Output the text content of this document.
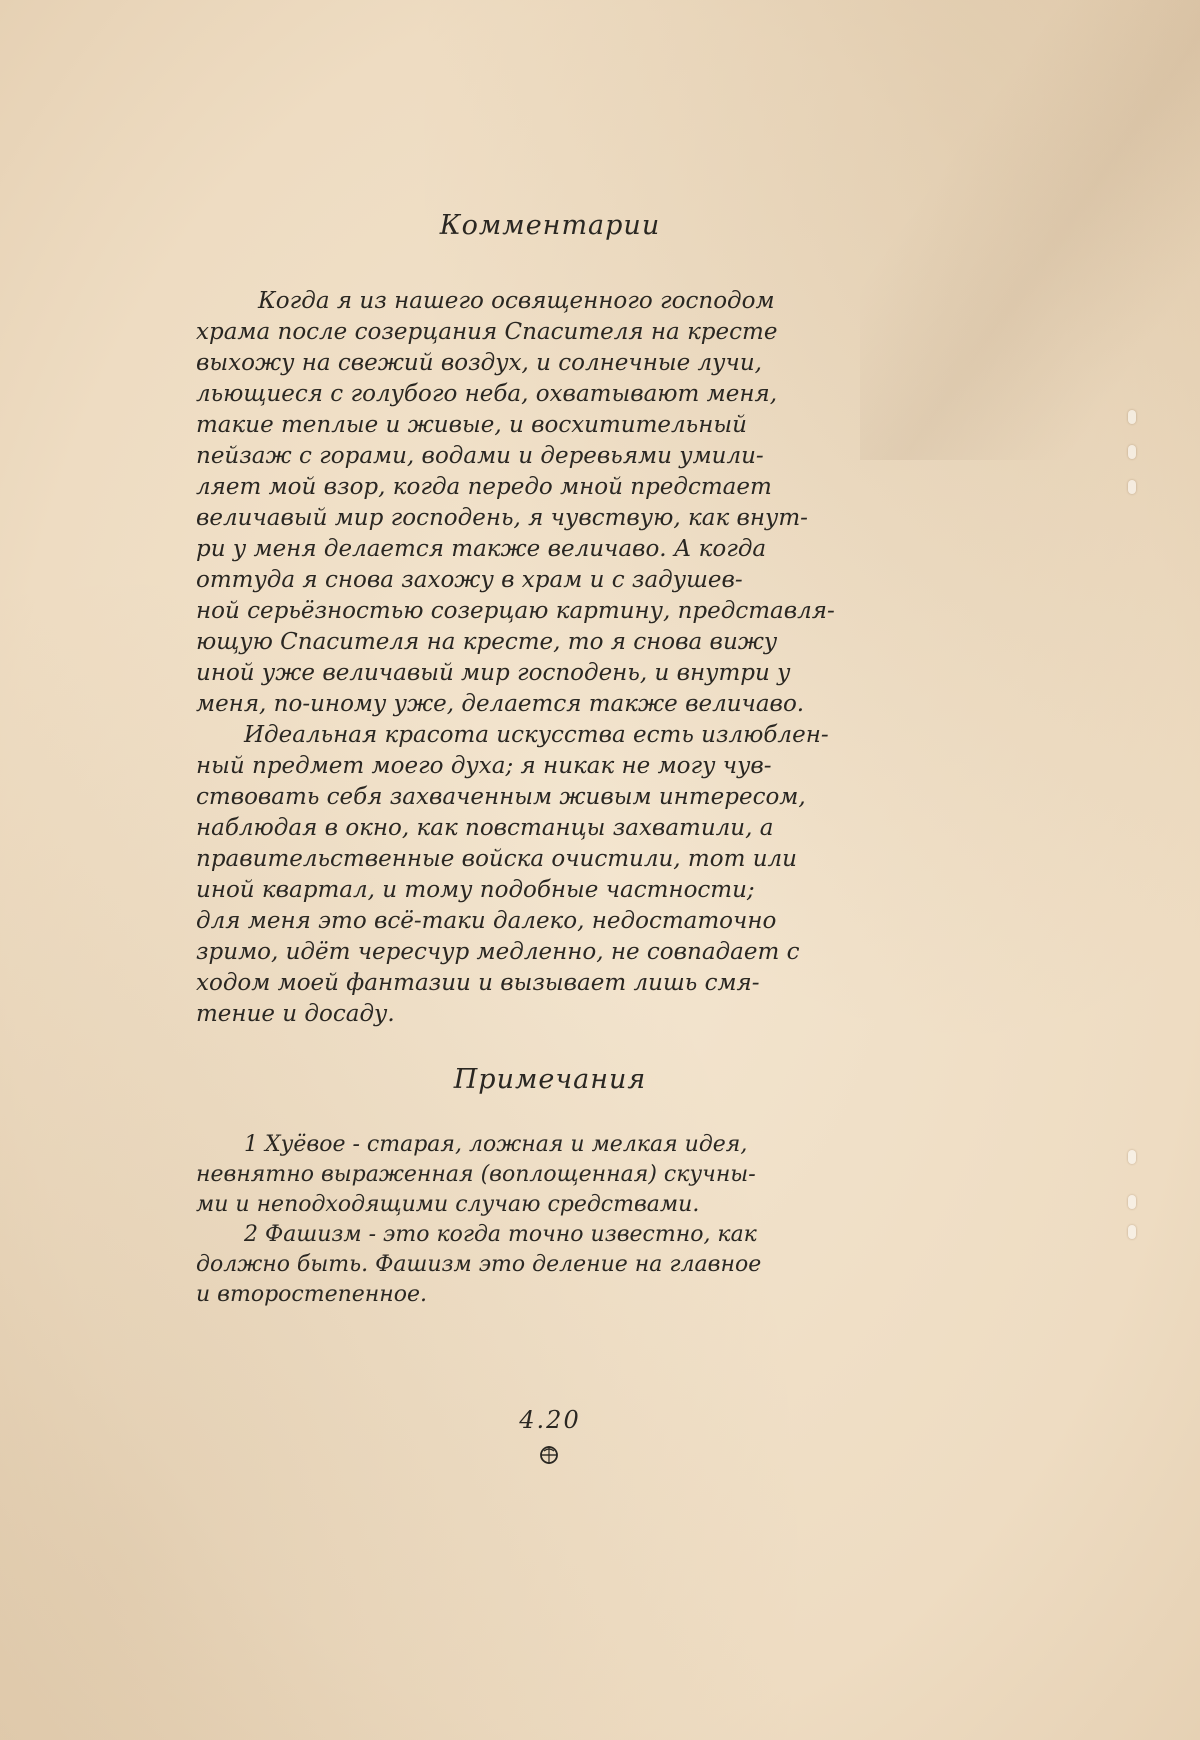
Комментарии
Когда я из нашего освященного господом
храма после созерцания Спасителя на кресте
выхожу на свежий воздух, и солнечные лучи,
льющиеся с голубого неба, охватывают меня,
такие теплые и живые, и восхитительный
пейзаж с горами, водами и деревьями умили-
ляет мой взор, когда передо мной предстает
величавый мир господень, я чувствую, как внут-
ри у меня делается также величаво. А когда
оттуда я снова захожу в храм и с задушев-
ной серьёзностью созерцаю картину, представля-
ющую Спасителя на кресте, то я снова вижу
иной уже величавый мир господень, и внутри у
меня, по-иному уже, делается также величаво.
Идеальная красота искусства есть излюблен-
ный предмет моего духа; я никак не могу чув-
ствовать себя захваченным живым интересом,
наблюдая в окно, как повстанцы захватили, а
правительственные войска очистили, тот или
иной квартал, и тому подобные частности;
для меня это всё-таки далеко, недостаточно
зримо, идёт чересчур медленно, не совпадает с
ходом моей фантазии и вызывает лишь смя-
тение и досаду.
Примечания
1 Хуёвое - старая, ложная и мелкая идея,
невнятно выраженная (воплощенная) скучны-
ми и неподходящими случаю средствами.
2 Фашизм - это когда точно известно, как
должно быть. Фашизм это деление на главное
и второстепенное.
4.20
